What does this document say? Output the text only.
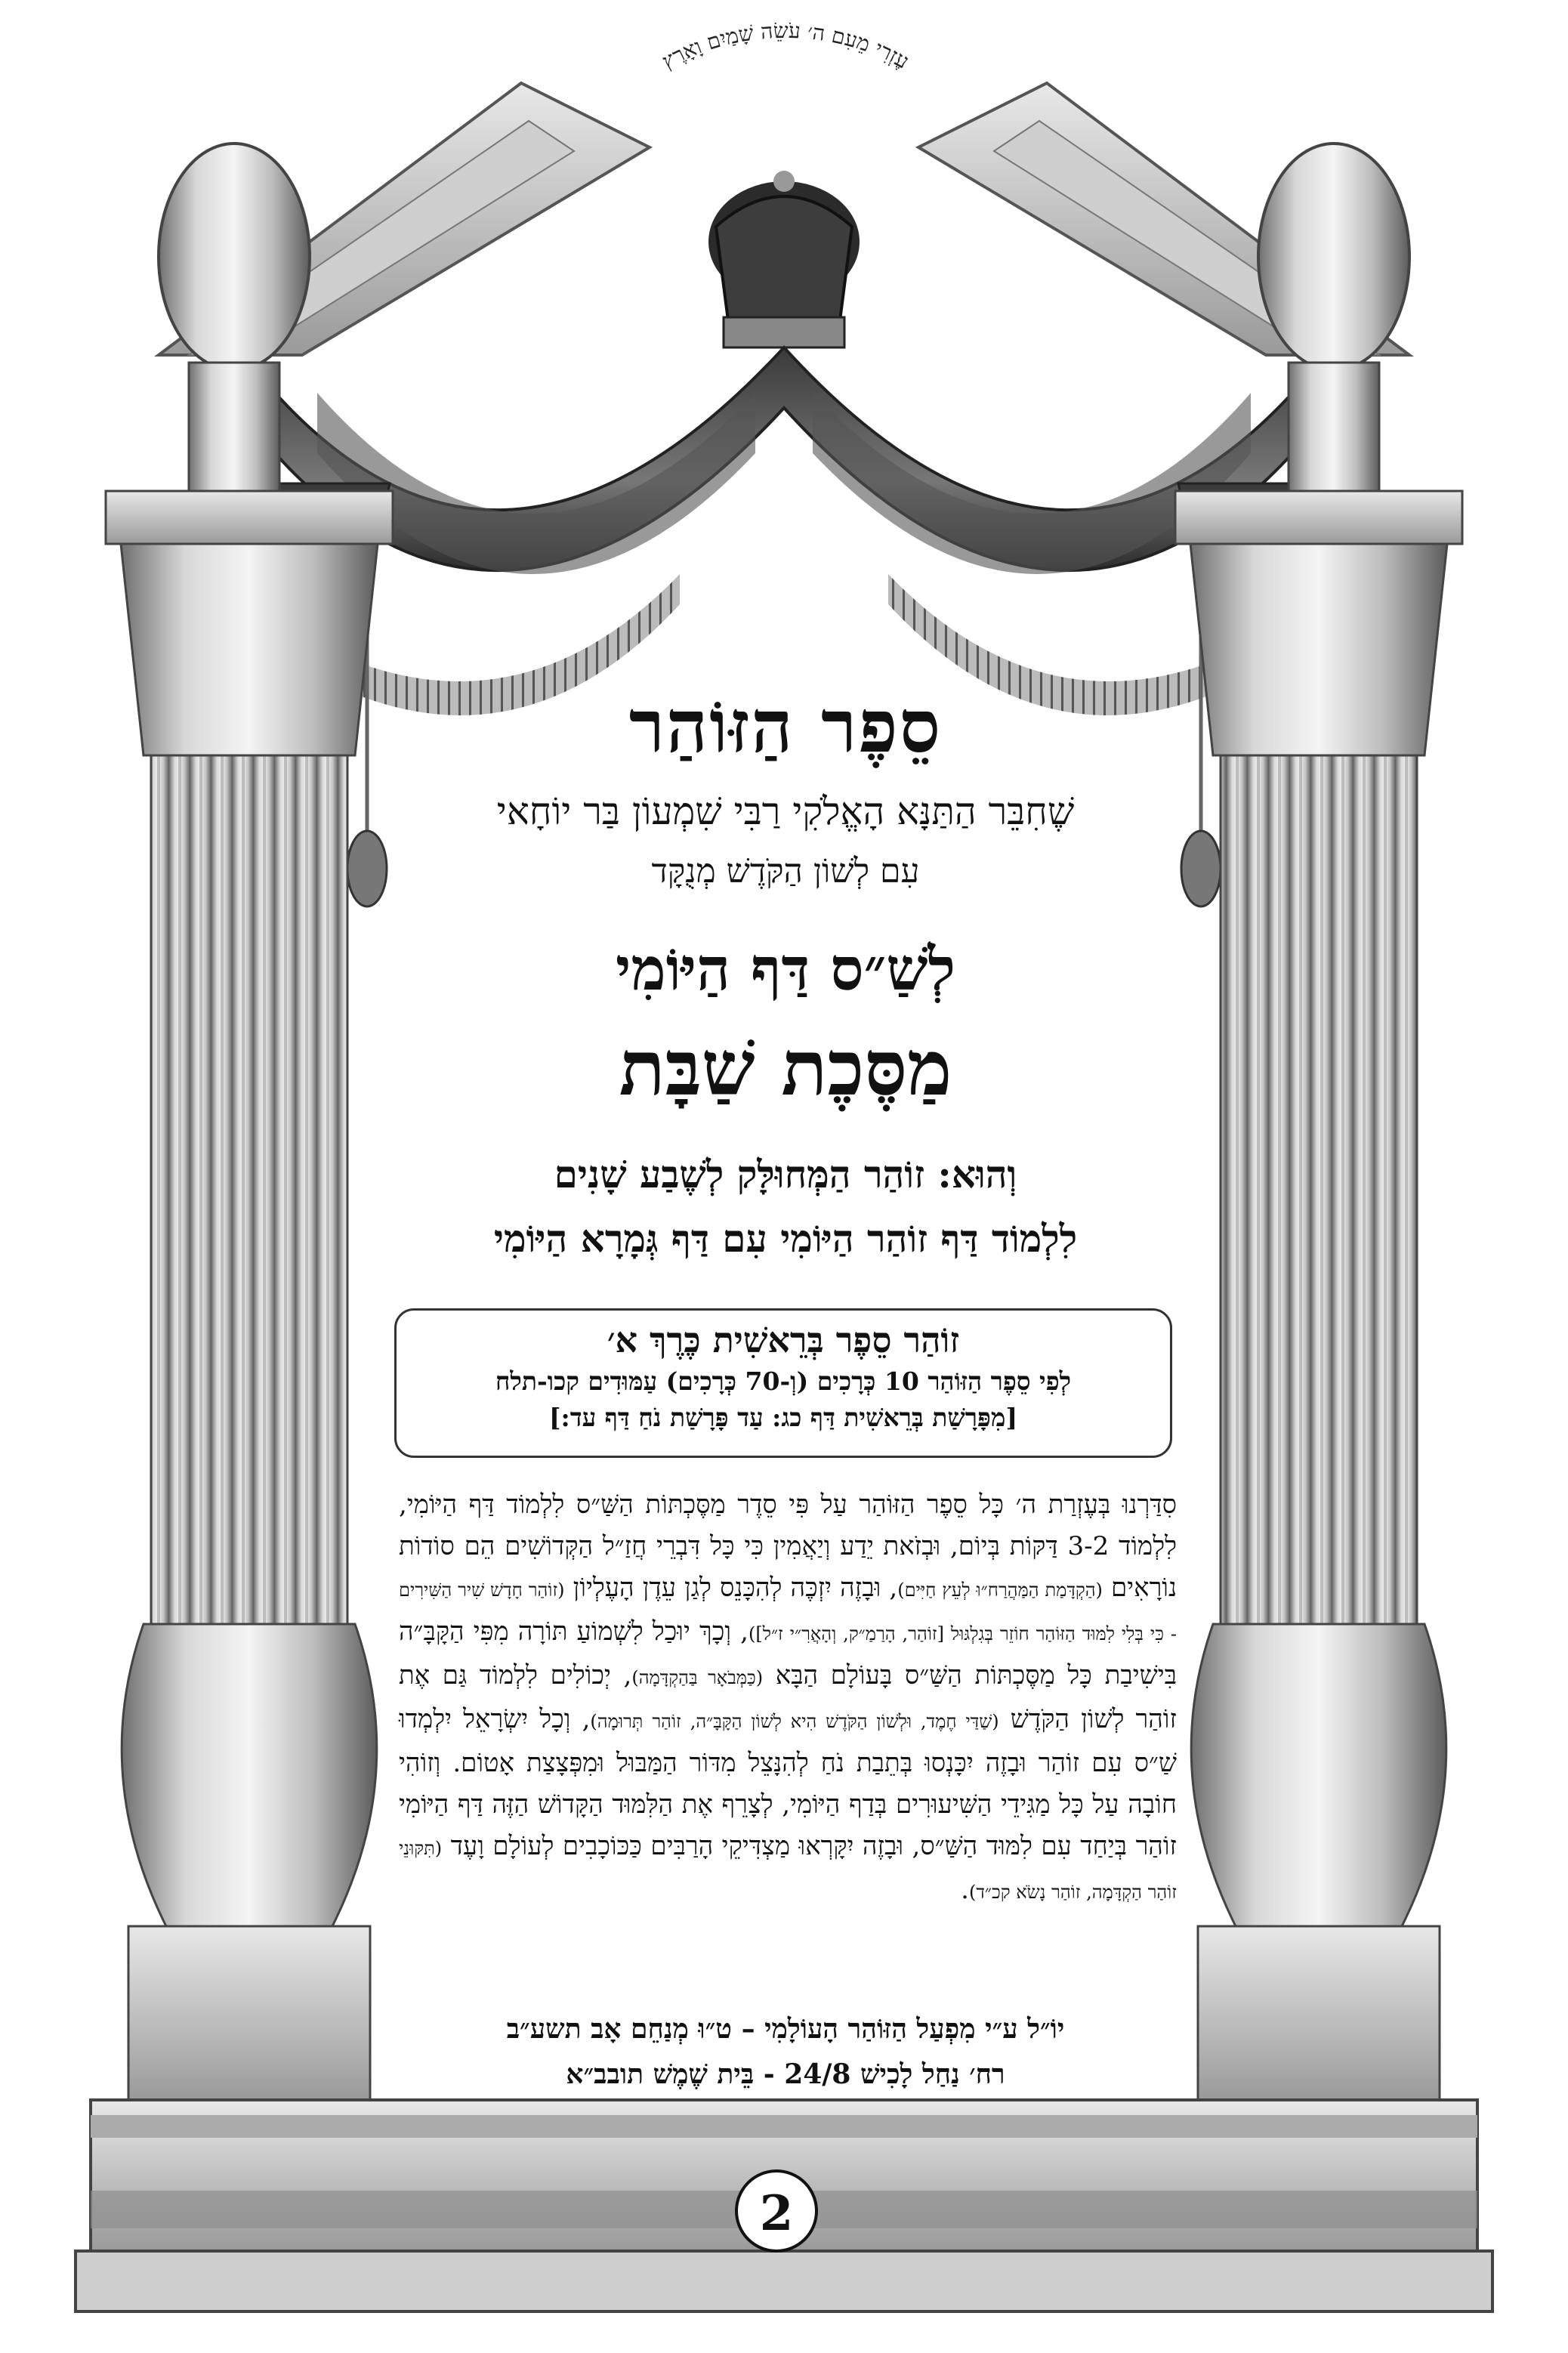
עֶזְרִי מֵעִם ה׳ עֹשֵׂה שָׁמַיִם וָאָרֶץ
סֵפֶר הַזּוֹהַר
שֶׁחִבֵּר הַתַּנָּא הָאֱלֹקִי רַבִּי שִׁמְעוֹן בַּר יוֹחָאי
עִם לְשׁוֹן הַקֹּדֶשׁ מְנֻקָּד
לְשַׁ״ס דַּף הַיּוֹמִי
מַסֶּכֶת שַׁבָּת
וְהוּא: זוֹהַר הַמְּחוּלָּק לְשֶׁבַע שָׁנִים
לִלְמוֹד דַּף זוֹהַר הַיּוֹמִי עִם דַּף גְּמָרָא הַיּוֹמִי
זוֹהַר סֵפֶר בְּרֵאשִׁית כֶּרֶךְ א׳
לְפִי סֵפֶר הַזּוֹהַר 10 כְּרָכִים (וְ-70 כְּרָכִים) עַמּוּדִים קכו-תלח
[מִפָּרָשַׁת בְּרֵאשִׁית דַּף כג: עַד פָּרָשַׁת נֹחַ דַּף עד:]
סִדַּרְנוּ בְּעֶזְרַת ה׳ כָּל סֵפֶר הַזּוֹהַר עַל פִּי סֵדֶר מַסֶּכְתּוֹת הַשַּׁ״ס לִלְמוֹד דַּף הַיּוֹמִי, לִלְמוֹד 3-2 דַּקּוֹת בְּיוֹם, וּבְזֹאת יֵדַע וְיַאֲמִין כִּי כָּל דִּבְרֵי חֲזַ״ל הַקְּדוֹשִׁים הֵם סוֹדוֹת נוֹרָאִים (הַקְדָּמַת הַמַּהֲרַח״וּ לְעֵץ חַיִּים), וּבָזֶה יִזְכֶּה לְהִכָּנֵס לְגַן עֵדֶן הָעֶלְיוֹן (זוֹהַר חָדָשׁ שִׁיר הַשִּׁירִים - כִּי בְּלִי לִמּוּד הַזּוֹהַר חוֹזֵר בְּגִלְגּוּל [זוֹהַר, הָרַמַ״ק, וְהָאֲרִ״י ז״ל]), וְכָךְ יוּכַל לִשְׁמוֹעַ תּוֹרָה מִפִּי הַקָּבָּ״ה בִּישִׁיבַת כָּל מַסֶּכְתּוֹת הַשַּׁ״ס בָּעוֹלָם הַבָּא (כַּמְּבֹאָר בַּהַקְדָּמָה), יְכוֹלִים לִלְמוֹד גַּם אֶת זוֹהַר לְשׁוֹן הַקֹּדֶשׁ (שַׁדַּי חֶמֶד, וּלְשׁוֹן הַקֹּדֶשׁ הִיא לְשׁוֹן הַקָּבָּ״ה, זוֹהַר תְּרוּמָה), וְכָל יִשְׂרָאֵל יִלְמְדוּ שַׁ״ס עִם זוֹהַר וּבָזֶה יִכָּנְסוּ בְּתֵבַת נֹחַ לְהִנָּצֵל מִדּוֹר הַמַּבּוּל וּמִפְּצָצַת אָטוֹם. וְזוֹהִי חוֹבָה עַל כָּל מַגִּידֵי הַשִּׁיעוּרִים בְּדַף הַיּוֹמִי, לְצָרֵף אֶת הַלִּמּוּד הַקָּדוֹשׁ הַזֶּה דַּף הַיּוֹמִי זוֹהַר בְּיַחַד עִם לִמּוּד הַשַּׁ״ס, וּבָזֶה יִקָּרְאוּ מַצְדִּיקֵי הָרַבִּים כַּכּוֹכָבִים לְעוֹלָם וָעֶד (תִּקּוּנֵי זוֹהַר הַקְדָּמָה, זוֹהַר נָשֹׂא קכ״ד).
יוֹ״ל ע״י מִפְעַל הַזּוֹהַר הָעוֹלָמִי – ט״וּ מְנַחֵם אָב תשע״ב
רח׳ נַחַל לָכִישׁ 24/8 - בֵּית שֶׁמֶשׁ תובב״א
2
